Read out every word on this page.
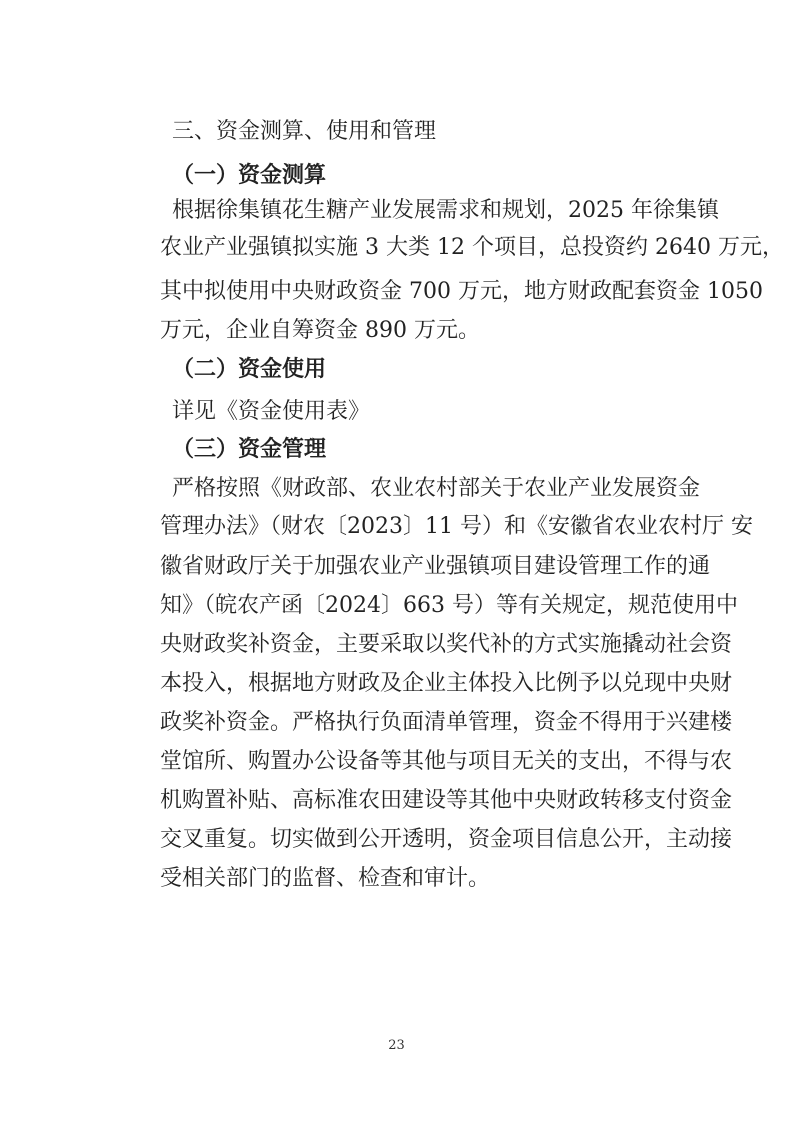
三、资金测算、使用和管理
（一）资金测算
根据徐集镇花生糖产业发展需求和规划，2025 年徐集镇
农业产业强镇拟实施 3 大类 12 个项目，总投资约 2640 万元，
其中拟使用中央财政资金 700 万元，地方财政配套资金 1050
万元，企业自筹资金 890 万元。
（二）资金使用
详见《资金使用表》
（三）资金管理
严格按照《财政部、农业农村部关于农业产业发展资金
管理办法》（财农〔2023〕11 号）和《安徽省农业农村厅 安
徽省财政厅关于加强农业产业强镇项目建设管理工作的通
知》（皖农产函〔2024〕663 号）等有关规定，规范使用中
央财政奖补资金，主要采取以奖代补的方式实施撬动社会资
本投入，根据地方财政及企业主体投入比例予以兑现中央财
政奖补资金。严格执行负面清单管理，资金不得用于兴建楼
堂馆所、购置办公设备等其他与项目无关的支出，不得与农
机购置补贴、高标准农田建设等其他中央财政转移支付资金
交叉重复。切实做到公开透明，资金项目信息公开，主动接
受相关部门的监督、检查和审计。
23
